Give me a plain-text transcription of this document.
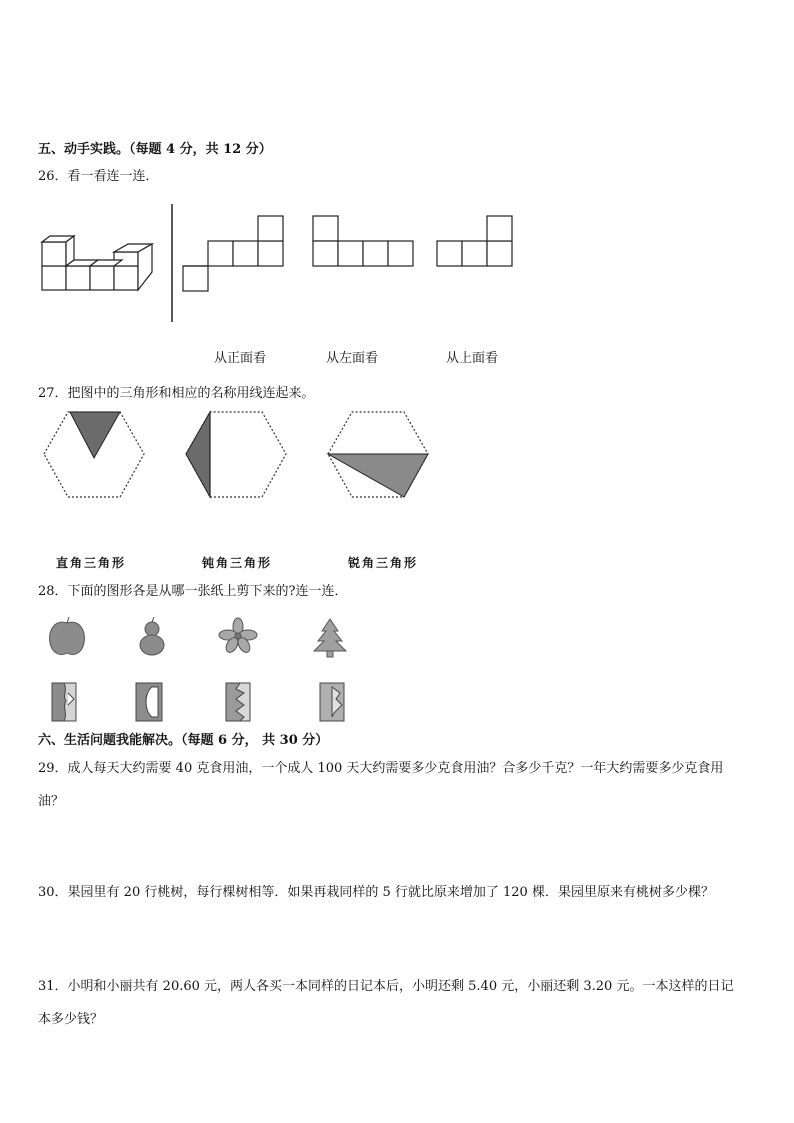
五、动手实践。（每题 4 分，共 12 分）
26．看一看连一连．
从正面看	从左面看	从上面看
27．把图中的三角形和相应的名称用线连起来。
直角三角形	钝角三角形	锐角三角形
28．下面的图形各是从哪一张纸上剪下来的?连一连．
六、生活问题我能解决。（每题 6 分， 共 30 分）
29．成人每天大约需要 40 克食用油，一个成人 100 天大约需要多少克食用油？合多少千克？一年大约需要多少克食用
油？
30．果园里有 20 行桃树，每行棵树相等．如果再栽同样的 5 行就比原来增加了 120 棵．果园里原来有桃树多少棵？
31．小明和小丽共有 20.60 元，两人各买一本同样的日记本后，小明还剩 5.40 元，小丽还剩 3.20 元。一本这样的日记
本多少钱？
